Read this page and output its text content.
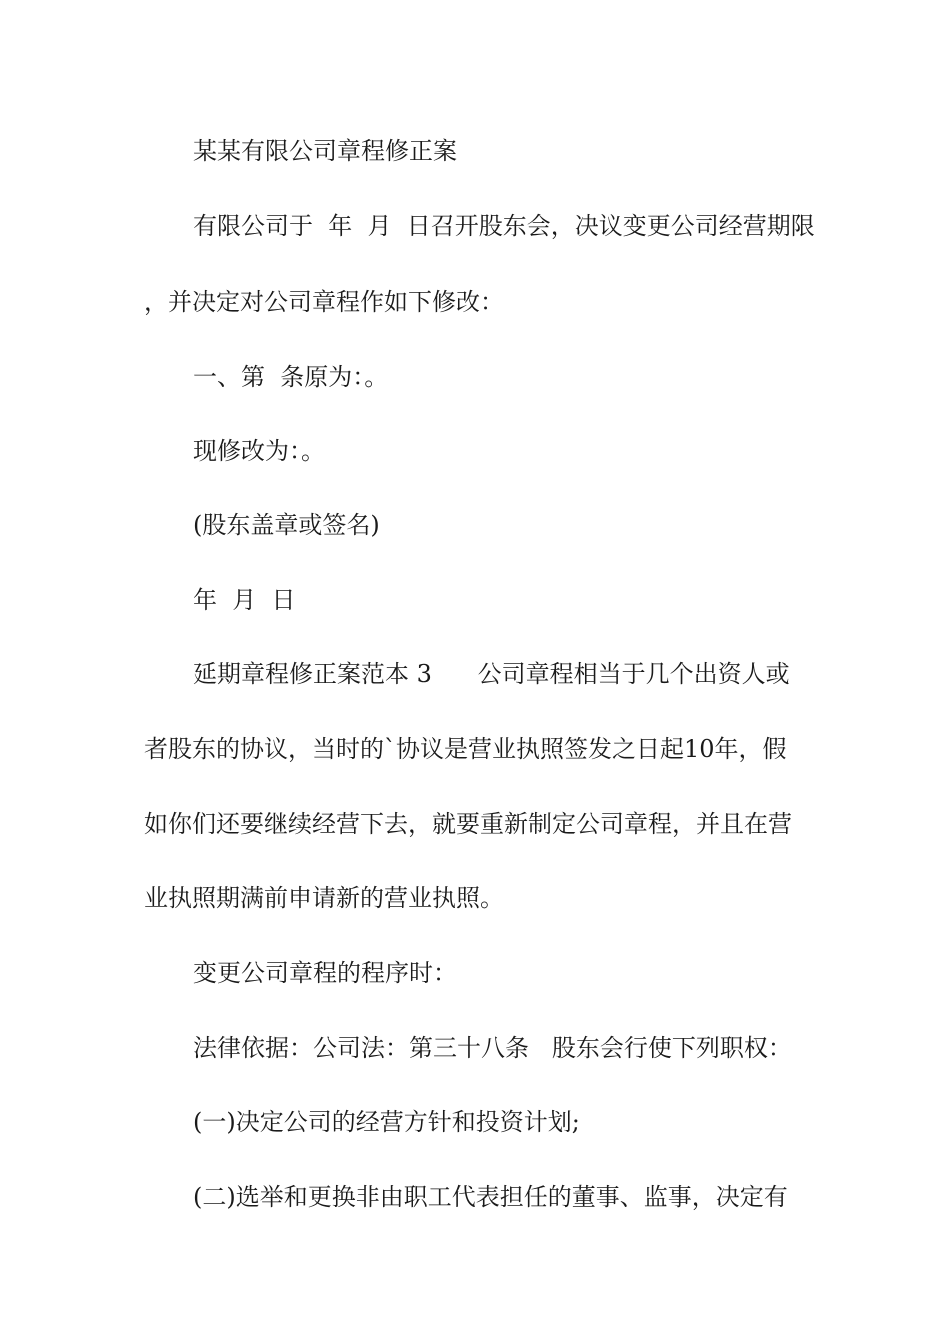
某某有限公司章程修正案

有限公司于  年  月  日召开股东会，决议变更公司经营期限

，并决定对公司章程作如下修改：

一、第  条原为：。

现修改为：。

(股东盖章或签名)

年  月  日

延期章程修正案范本 3      公司章程相当于几个出资人或

者股东的协议，当时的`协议是营业执照签发之日起10年，假

如你们还要继续经营下去，就要重新制定公司章程，并且在营

业执照期满前申请新的营业执照。

变更公司章程的程序时：

法律依据：公司法：第三十八条   股东会行使下列职权：

(一)决定公司的经营方针和投资计划;

(二)选举和更换非由职工代表担任的董事、监事，决定有
